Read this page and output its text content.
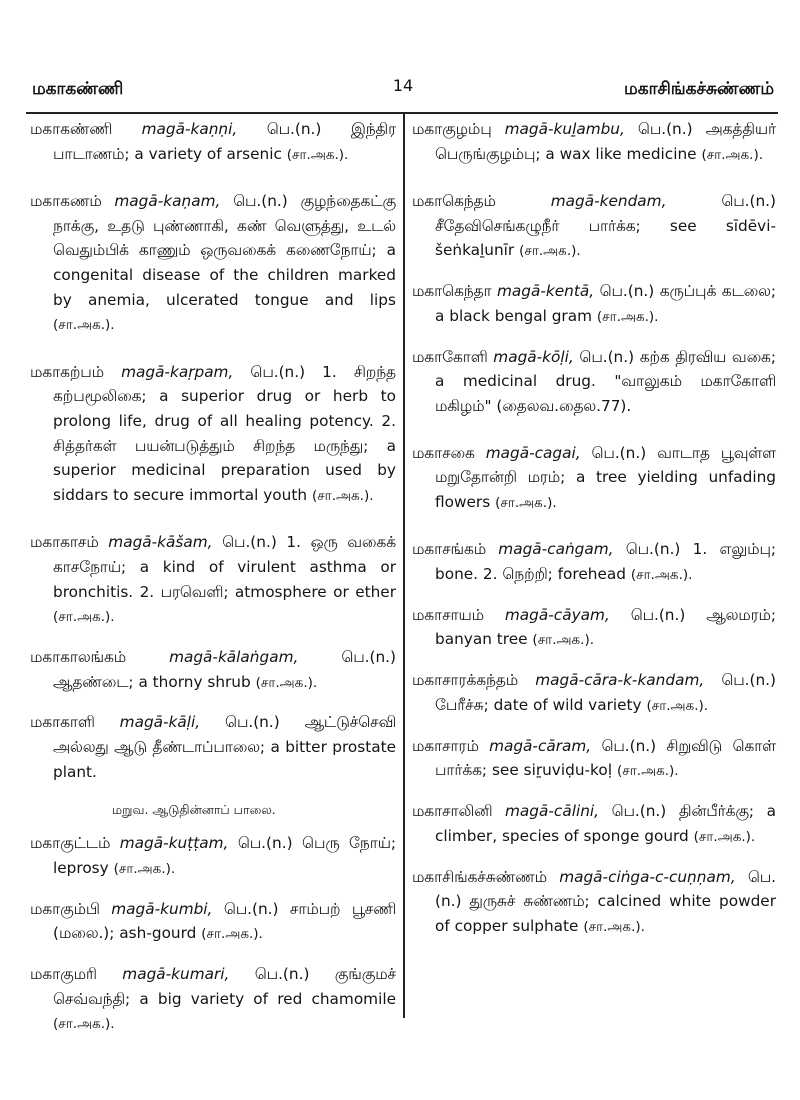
மகாகண்ணி	14	மகாசிங்கச்சுண்ணம்

மகாகண்ணி magā-kaṇṇi, பெ.(n.) இந்திர பாடாணம்; a variety of arsenic (சா.அக.).

மகாகணம் magā-kaṇam, பெ.(n.) குழந்தைகட்கு நாக்கு, உதடு புண்ணாகி, கண் வெளுத்து, உடல் வெதும்பிக் காணும் ஒருவகைக் கணைநோய்; a congenital disease of the children marked by anemia, ulcerated tongue and lips (சா.அக.).

மகாகற்பம் magā-kaṛpam, பெ.(n.) 1. சிறந்த கற்பமூலிகை; a superior drug or herb to prolong life, drug of all healing potency. 2. சித்தர்கள் பயன்படுத்தும் சிறந்த மருந்து; a superior medicinal preparation used by siddars to secure immortal youth (சா.அக.).

மகாகாசம் magā-kāšam, பெ.(n.) 1. ஒரு வகைக் காசநோய்; a kind of virulent asthma or bronchitis. 2. பரவெளி; atmosphere or ether (சா.அக.).

மகாகாலங்கம்	magā-kālaṅgam,	பெ.(n.) ஆதண்டை; a thorny shrub (சா.அக.).

மகாகாளி magā-kāḷi, பெ.(n.) ஆட்டுச்செவி அல்லது ஆடு தீண்டாப்பாலை; a bitter prostate plant.

மறுவ. ஆடுதின்னாப் பாலை.

மகாகுட்டம் magā-kuṭṭam, பெ.(n.) பெரு நோய்; leprosy (சா.அக.).

மகாகும்பி magā-kumbi, பெ.(n.) சாம்பற் பூசணி (மலை.); ash-gourd (சா.அக.).

மகாகுமரி magā-kumari, பெ.(n.) குங்குமச் செவ்வந்தி; a big variety of red chamomile (சா.அக.).

மகாகுழம்பு magā-kuḻambu, பெ.(n.) அகத்தியர் பெருங்குழம்பு; a wax like medicine (சா.அக.).

மகாகெந்தம்	magā-kendam,	பெ.(n.) சீதேவிசெங்கழுநீர் பார்க்க; see sīdēvi-šeṅkaḻunīr (சா.அக.).

மகாகெந்தா magā-kentā, பெ.(n.) கருப்புக் கடலை; a black bengal gram (சா.அக.).

மகாகோளி magā-kōḷi, பெ.(n.) கற்க திரவிய வகை; a medicinal drug. "வாலுகம் மகாகோளி மகிழம்" (தைலவ.தைல.77).

மகாசகை magā-cagai, பெ.(n.) வாடாத பூவுள்ள மறுதோன்றி மரம்; a tree yielding unfading flowers (சா.அக.).

மகாசங்கம் magā-caṅgam, பெ.(n.) 1. எலும்பு; bone. 2. நெற்றி; forehead (சா.அக.).

மகாசாயம் magā-cāyam, பெ.(n.) ஆலமரம்; banyan tree (சா.அக.).

மகாசாரக்கந்தம் magā-cāra-k-kandam, பெ.(n.) பேரீச்சு; date of wild variety (சா.அக.).

மகாசாரம் magā-cāram, பெ.(n.) சிறுவிடு கொள் பார்க்க; see siṟuviḍu-koḷ (சா.அக.).

மகாசாலினி magā-cālini, பெ.(n.) தின்பீர்க்கு; a climber, species of sponge gourd (சா.அக.).

மகாசிங்கச்சுண்ணம் magā-ciṅga-c-cuṇṇam, பெ.(n.) துருசுச் சுண்ணம்; calcined white powder of copper sulphate (சா.அக.).
